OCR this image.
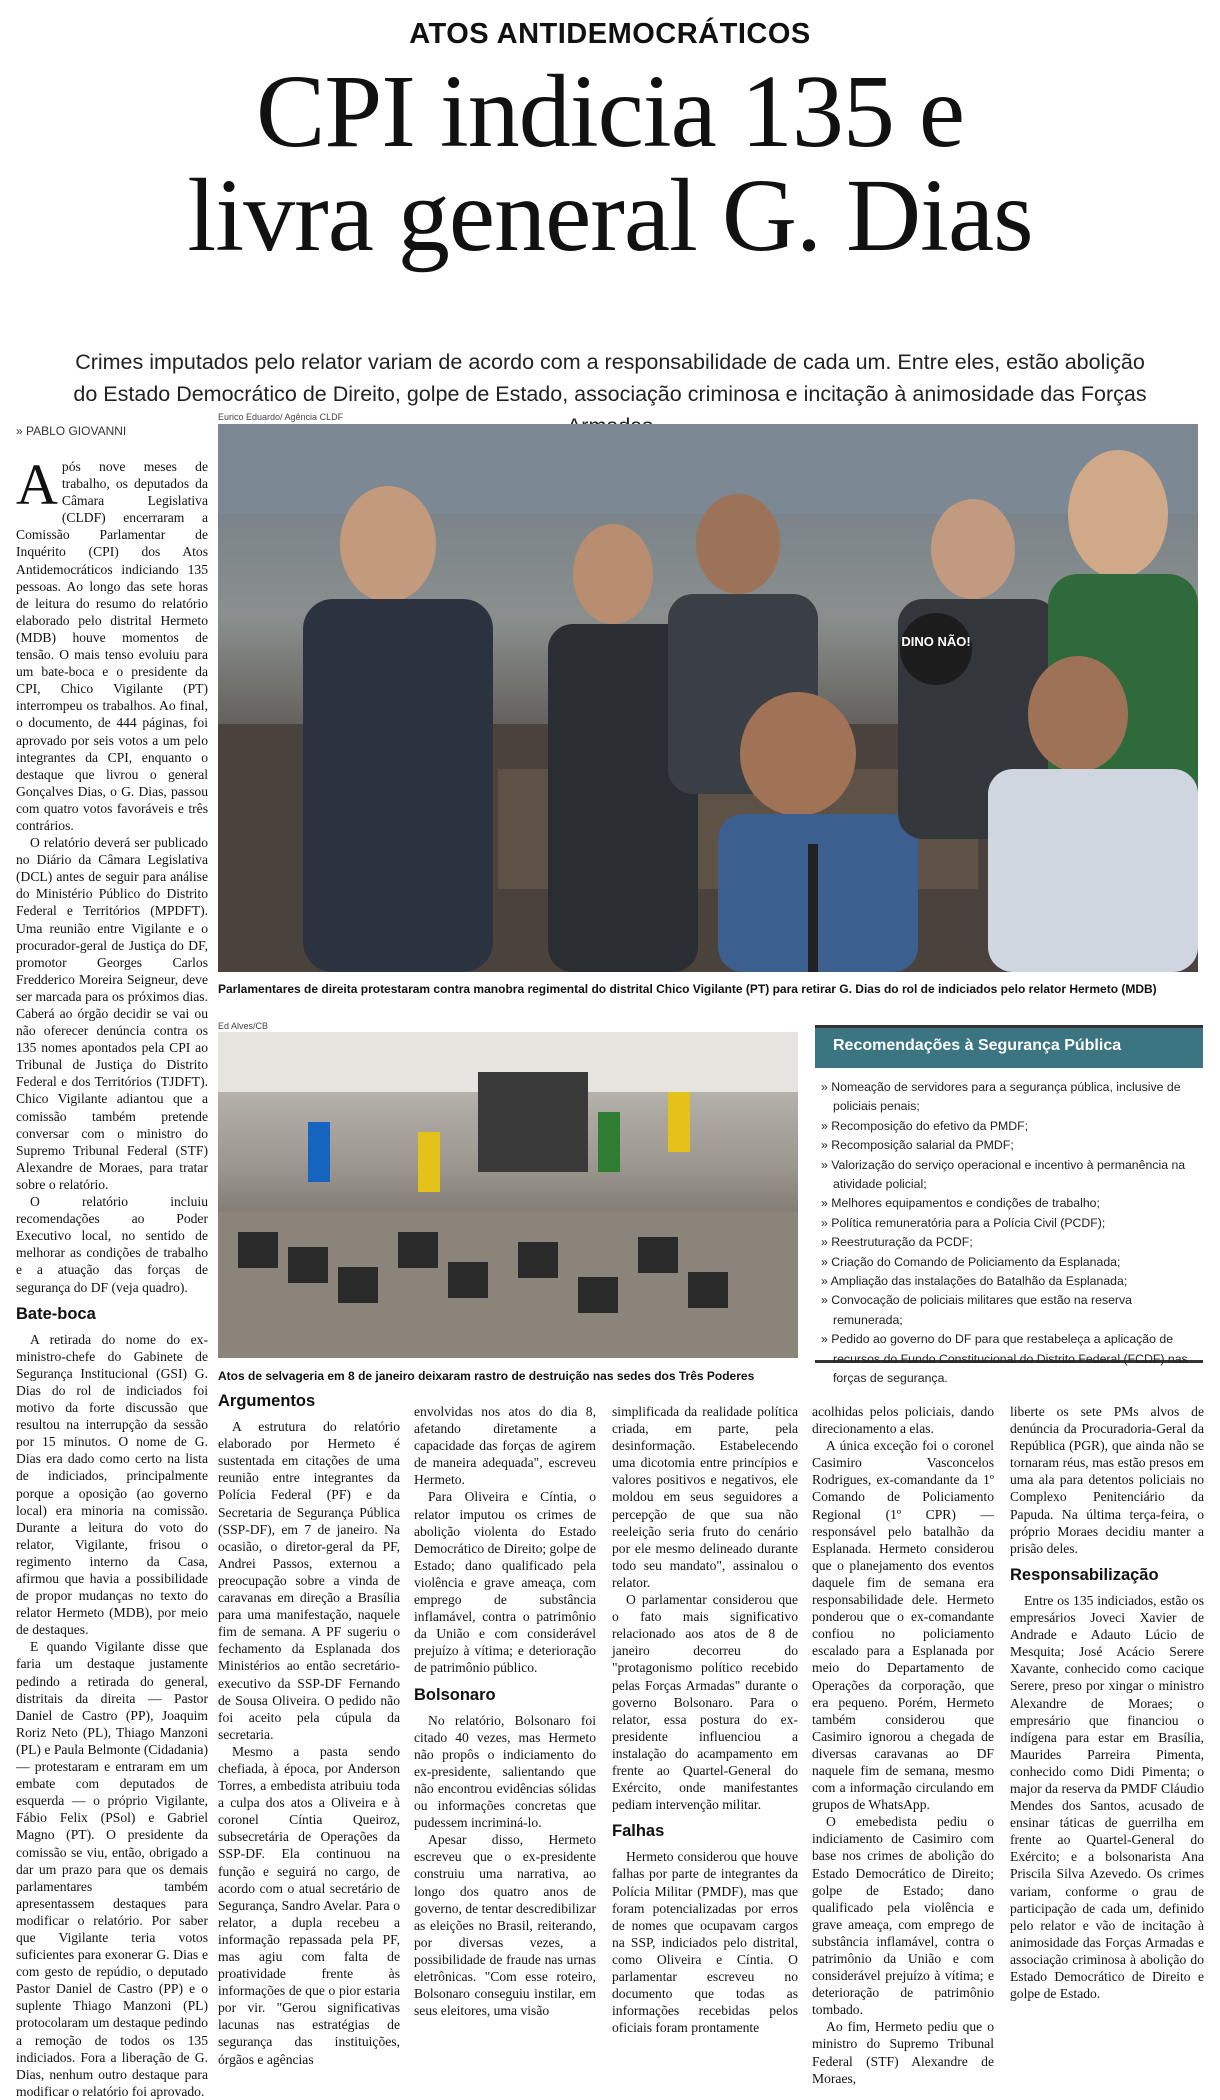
ATOS ANTIDEMOCRÁTICOS
CPI indicia 135 e
livra general G. Dias
Crimes imputados pelo relator variam de acordo com a responsabilidade de cada um. Entre eles, estão abolição
do Estado Democrático de Direito, golpe de Estado, associação criminosa e incitação à animosidade das Forças
» PABLO GIOVANNI

Após nove meses de trabalho, os deputados da Câmara Legislativa (CLDF) encerraram a Comissão Parlamentar de Inquérito (CPI) dos Atos Antidemocráticos indiciando 135 pessoas. Ao longo das sete horas de leitura do resumo do relatório elaborado pelo distrital Hermeto (MDB) houve momentos de tensão. O mais tenso evoluiu para um bate-boca e o presidente da CPI, Chico Vigilante (PT) interrompeu os trabalhos. Ao final, o documento, de 444 páginas, foi aprovado por seis votos a um pelo integrantes da CPI, enquanto o destaque que livrou o general Gonçalves Dias, o G. Dias, passou com quatro votos favoráveis e três contrários.

O relatório deverá ser publicado no Diário da Câmara Legislativa (DCL) antes de seguir para análise do Ministério Público do Distrito Federal e Territórios (MPDFT). Uma reunião entre Vigilante e o procurador-geral de Justiça do DF, promotor Georges Carlos Fredderico Moreira Seigneur, deve ser marcada para os próximos dias. Caberá ao órgão decidir se vai ou não oferecer denúncia contra os 135 nomes apontados pela CPI ao Tribunal de Justiça do Distrito Federal e dos Territórios (TJDFT). Chico Vigilante adiantou que a comissão também pretende conversar com o ministro do Supremo Tribunal Federal (STF) Alexandre de Moraes, para tratar sobre o relatório.

O relatório incluiu recomendações ao Poder Executivo local, no sentido de melhorar as condições de trabalho e a atuação das forças de segurança do DF (veja quadro).

Bate-boca

A retirada do nome do ex-ministro-chefe do Gabinete de Segurança Institucional (GSI) G. Dias do rol de indiciados foi motivo da forte discussão que resultou na interrupção da sessão por 15 minutos. O nome de G. Dias era dado como certo na lista de indiciados, principalmente porque a oposição (ao governo local) era minoria na comissão. Durante a leitura do voto do relator, Vigilante, frisou o regimento interno da Casa, afirmou que havia a possibilidade de propor mudanças no texto do relator Hermeto (MDB), por meio de destaques.

E quando Vigilante disse que faria um destaque justamente pedindo a retirada do general, distritais da direita — Pastor Daniel de Castro (PP), Joaquim Roriz Neto (PL), Thiago Manzoni (PL) e Paula Belmonte (Cidadania) — protestaram e entraram em um embate com deputados de esquerda — o próprio Vigilante, Fábio Felix (PSol) e Gabriel Magno (PT). O presidente da comissão se viu, então, obrigado a dar um prazo para que os demais parlamentares também apresentassem destaques para modificar o relatório. Por saber que Vigilante teria votos suficientes para exonerar G. Dias e com gesto de repúdio, o deputado Pastor Daniel de Castro (PP) e o suplente Thiago Manzoni (PL) protocolaram um destaque pedindo a remoção de todos os 135 indiciados. Fora a liberação de G. Dias, nenhum outro destaque para modificar o relatório foi aprovado.

Eurico Eduardo/ Agência CLDF
DINO NÃO!
Parlamentares de direita protestaram contra manobra regimental do distrital Chico Vigilante (PT) para retirar G. Dias do rol de indiciados pelo relator Hermeto (MDB)
Ed Alves/CB
Atos de selvageria em 8 de janeiro deixaram rastro de destruição nas sedes dos Três Poderes
Recomendações à Segurança Pública
» Nomeação de servidores para a segurança pública, inclusive de policiais penais;
» Recomposição do efetivo da PMDF;
» Recomposição salarial da PMDF;
» Valorização do serviço operacional e incentivo à permanência na atividade policial;
» Melhores equipamentos e condições de trabalho;
» Política remuneratória para a Polícia Civil (PCDF);
» Reestruturação da PCDF;
» Criação do Comando de Policiamento da Esplanada;
» Ampliação das instalações do Batalhão da Esplanada;
» Convocação de policiais militares que estão na reserva remunerada;
» Pedido ao governo do DF para que restabeleça a aplicação de recursos do Fundo Constitucional do Distrito Federal (FCDF) nas forças de segurança.
Argumentos

A estrutura do relatório elaborado por Hermeto é sustentada em citações de uma reunião entre integrantes da Polícia Federal (PF) e da Secretaria de Segurança Pública (SSP-DF), em 7 de janeiro. Na ocasião, o diretor-geral da PF, Andrei Passos, externou a preocupação sobre a vinda de caravanas em direção a Brasília para uma manifestação, naquele fim de semana. A PF sugeriu o fechamento da Esplanada dos Ministérios ao então secretário-executivo da SSP-DF Fernando de Sousa Oliveira. O pedido não foi aceito pela cúpula da secretaria.

Mesmo a pasta sendo chefiada, à época, por Anderson Torres, a embedista atribuiu toda a culpa dos atos a Oliveira e à coronel Cíntia Queiroz, subsecretária de Operações da SSP-DF. Ela continuou na função e seguirá no cargo, de acordo com o atual secretário de Segurança, Sandro Avelar. Para o relator, a dupla recebeu a informação repassada pela PF, mas agiu com falta de proatividade frente às informações de que o pior estaria por vir. "Gerou significativas lacunas nas estratégias de segurança das instituições, órgãos e agências

envolvidas nos atos do dia 8, afetando diretamente a capacidade das forças de agirem de maneira adequada", escreveu Hermeto.

Para Oliveira e Cíntia, o relator imputou os crimes de abolição violenta do Estado Democrático de Direito; golpe de Estado; dano qualificado pela violência e grave ameaça, com emprego de substância inflamável, contra o patrimônio da União e com considerável prejuízo à vítima; e deterioração de patrimônio público.

Bolsonaro

No relatório, Bolsonaro foi citado 40 vezes, mas Hermeto não propôs o indiciamento do ex-presidente, salientando que não encontrou evidências sólidas ou informações concretas que pudessem incriminá-lo.

Apesar disso, Hermeto escreveu que o ex-presidente construiu uma narrativa, ao longo dos quatro anos de governo, de tentar descredibilizar as eleições no Brasil, reiterando, por diversas vezes, a possibilidade de fraude nas urnas eletrônicas. "Com esse roteiro, Bolsonaro conseguiu instilar, em seus eleitores, uma visão

simplificada da realidade política criada, em parte, pela desinformação. Estabelecendo uma dicotomia entre princípios e valores positivos e negativos, ele moldou em seus seguidores a percepção de que sua não reeleição seria fruto do cenário por ele mesmo delineado durante todo seu mandato", assinalou o relator.

O parlamentar considerou que o fato mais significativo relacionado aos atos de 8 de janeiro decorreu do "protagonismo político recebido pelas Forças Armadas" durante o governo Bolsonaro. Para o relator, essa postura do ex-presidente influenciou a instalação do acampamento em frente ao Quartel-General do Exército, onde manifestantes pediam intervenção militar.

Falhas

Hermeto considerou que houve falhas por parte de integrantes da Polícia Militar (PMDF), mas que foram potencializadas por erros de nomes que ocupavam cargos na SSP, indiciados pelo distrital, como Oliveira e Cíntia. O parlamentar escreveu no documento que todas as informações recebidas pelos oficiais foram prontamente

acolhidas pelos policiais, dando direcionamento a elas.

A única exceção foi o coronel Casimiro Vasconcelos Rodrigues, ex-comandante da 1º Comando de Policiamento Regional (1º CPR) — responsável pelo batalhão da Esplanada. Hermeto considerou que o planejamento dos eventos daquele fim de semana era responsabilidade dele. Hermeto ponderou que o ex-comandante confiou no policiamento escalado para a Esplanada por meio do Departamento de Operações da corporação, que era pequeno. Porém, Hermeto também considerou que Casimiro ignorou a chegada de diversas caravanas ao DF naquele fim de semana, mesmo com a informação circulando em grupos de WhatsApp.

O emebedista pediu o indiciamento de Casimiro com base nos crimes de abolição do Estado Democrático de Direito; golpe de Estado; dano qualificado pela violência e grave ameaça, com emprego de substância inflamável, contra o patrimônio da União e com considerável prejuízo à vítima; e deterioração de patrimônio tombado.

Ao fim, Hermeto pediu que o ministro do Supremo Tribunal Federal (STF) Alexandre de Moraes,

liberte os sete PMs alvos de denúncia da Procuradoria-Geral da República (PGR), que ainda não se tornaram réus, mas estão presos em uma ala para detentos policiais no Complexo Penitenciário da Papuda. Na última terça-feira, o próprio Moraes decidiu manter a prisão deles.

Responsabilização

Entre os 135 indiciados, estão os empresários Joveci Xavier de Andrade e Adauto Lúcio de Mesquita; José Acácio Serere Xavante, conhecido como cacique Serere, preso por xingar o ministro Alexandre de Moraes; o empresário que financiou o indígena para estar em Brasília, Maurides Parreira Pimenta, conhecido como Didi Pimenta; o major da reserva da PMDF Cláudio Mendes dos Santos, acusado de ensinar táticas de guerrilha em frente ao Quartel-General do Exército; e a bolsonarista Ana Priscila Silva Azevedo. Os crimes variam, conforme o grau de participação de cada um, definido pelo relator e vão de incitação à animosidade das Forças Armadas e associação criminosa à abolição do Estado Democrático de Direito e golpe de Estado.
